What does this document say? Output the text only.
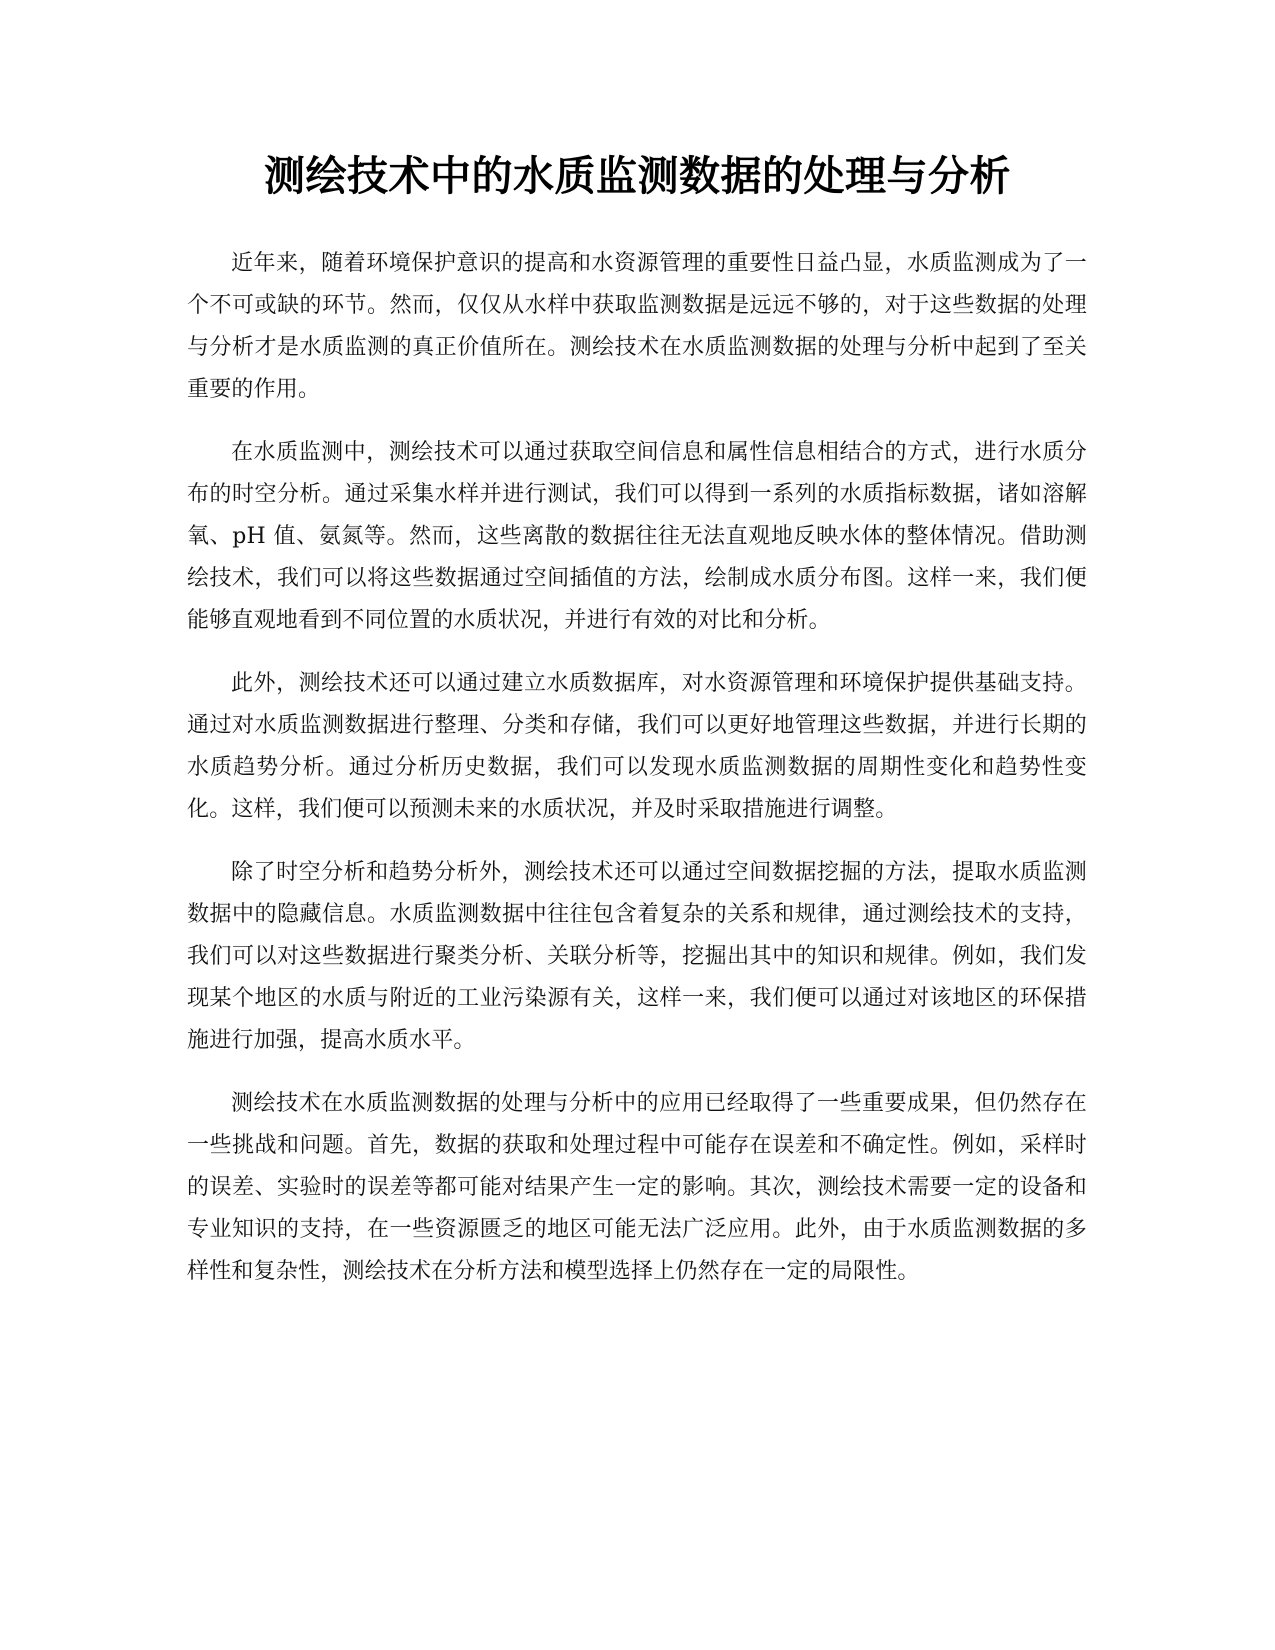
测绘技术中的水质监测数据的处理与分析

近年来，随着环境保护意识的提高和水资源管理的重要性日益凸显，水质监测成为了一个不可或缺的环节。然而，仅仅从水样中获取监测数据是远远不够的，对于这些数据的处理与分析才是水质监测的真正价值所在。测绘技术在水质监测数据的处理与分析中起到了至关重要的作用。

在水质监测中，测绘技术可以通过获取空间信息和属性信息相结合的方式，进行水质分布的时空分析。通过采集水样并进行测试，我们可以得到一系列的水质指标数据，诸如溶解氧、pH 值、氨氮等。然而，这些离散的数据往往无法直观地反映水体的整体情况。借助测绘技术，我们可以将这些数据通过空间插值的方法，绘制成水质分布图。这样一来，我们便能够直观地看到不同位置的水质状况，并进行有效的对比和分析。

此外，测绘技术还可以通过建立水质数据库，对水资源管理和环境保护提供基础支持。通过对水质监测数据进行整理、分类和存储，我们可以更好地管理这些数据，并进行长期的水质趋势分析。通过分析历史数据，我们可以发现水质监测数据的周期性变化和趋势性变化。这样，我们便可以预测未来的水质状况，并及时采取措施进行调整。

除了时空分析和趋势分析外，测绘技术还可以通过空间数据挖掘的方法，提取水质监测数据中的隐藏信息。水质监测数据中往往包含着复杂的关系和规律，通过测绘技术的支持，我们可以对这些数据进行聚类分析、关联分析等，挖掘出其中的知识和规律。例如，我们发现某个地区的水质与附近的工业污染源有关，这样一来，我们便可以通过对该地区的环保措施进行加强，提高水质水平。

测绘技术在水质监测数据的处理与分析中的应用已经取得了一些重要成果，但仍然存在一些挑战和问题。首先，数据的获取和处理过程中可能存在误差和不确定性。例如，采样时的误差、实验时的误差等都可能对结果产生一定的影响。其次，测绘技术需要一定的设备和专业知识的支持，在一些资源匮乏的地区可能无法广泛应用。此外，由于水质监测数据的多样性和复杂性，测绘技术在分析方法和模型选择上仍然存在一定的局限性。
